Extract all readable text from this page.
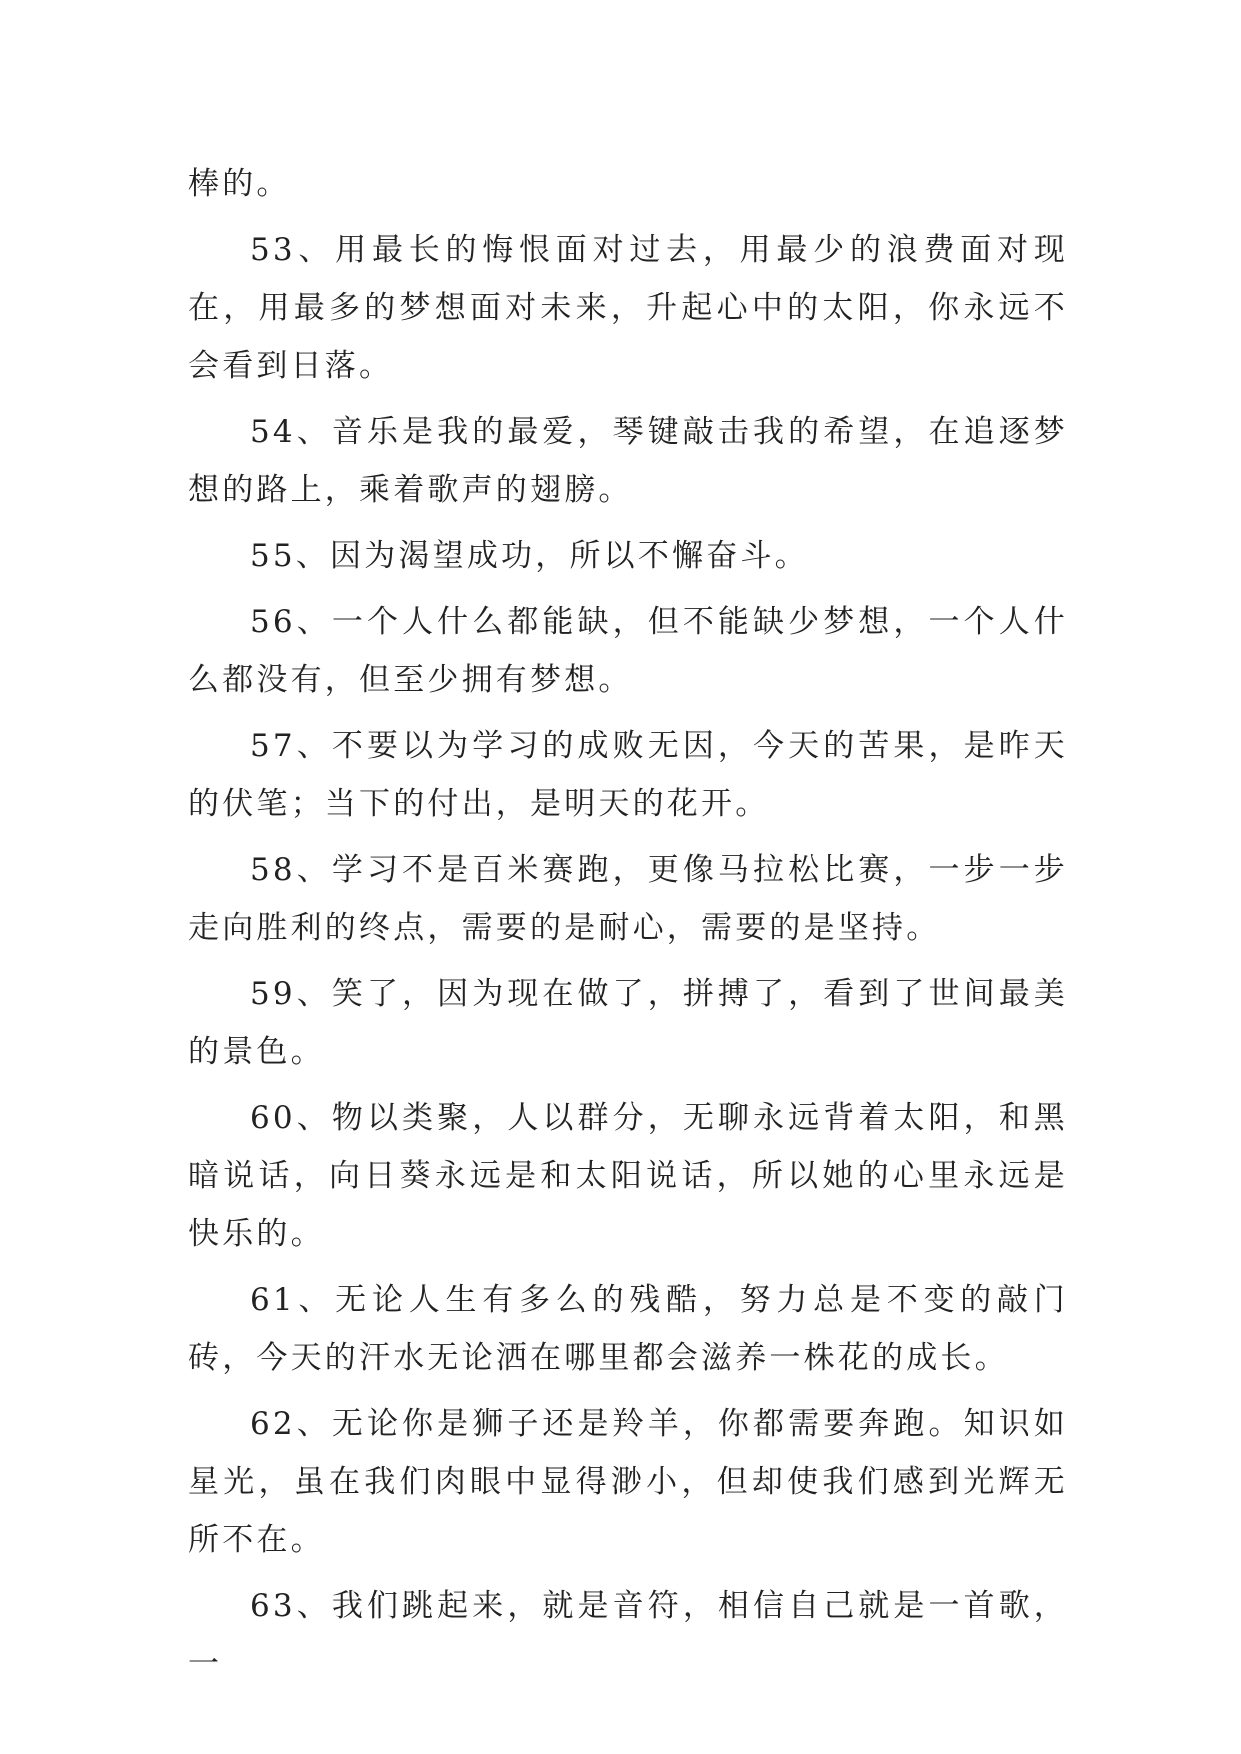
棒的。

53、用最长的悔恨面对过去，用最少的浪费面对现在，用最多的梦想面对未来，升起心中的太阳，你永远不会看到日落。

54、音乐是我的最爱，琴键敲击我的希望，在追逐梦想的路上，乘着歌声的翅膀。

55、因为渴望成功，所以不懈奋斗。

56、一个人什么都能缺，但不能缺少梦想，一个人什么都没有，但至少拥有梦想。

57、不要以为学习的成败无因，今天的苦果，是昨天的伏笔；当下的付出，是明天的花开。

58、学习不是百米赛跑，更像马拉松比赛，一步一步走向胜利的终点，需要的是耐心，需要的是坚持。

59、笑了，因为现在做了，拼搏了，看到了世间最美的景色。

60、物以类聚，人以群分，无聊永远背着太阳，和黑暗说话，向日葵永远是和太阳说话，所以她的心里永远是快乐的。

61、无论人生有多么的残酷，努力总是不变的敲门砖，今天的汗水无论洒在哪里都会滋养一株花的成长。

62、无论你是狮子还是羚羊，你都需要奔跑。知识如星光，虽在我们肉眼中显得渺小，但却使我们感到光辉无所不在。

63、我们跳起来，就是音符，相信自己就是一首歌，一
